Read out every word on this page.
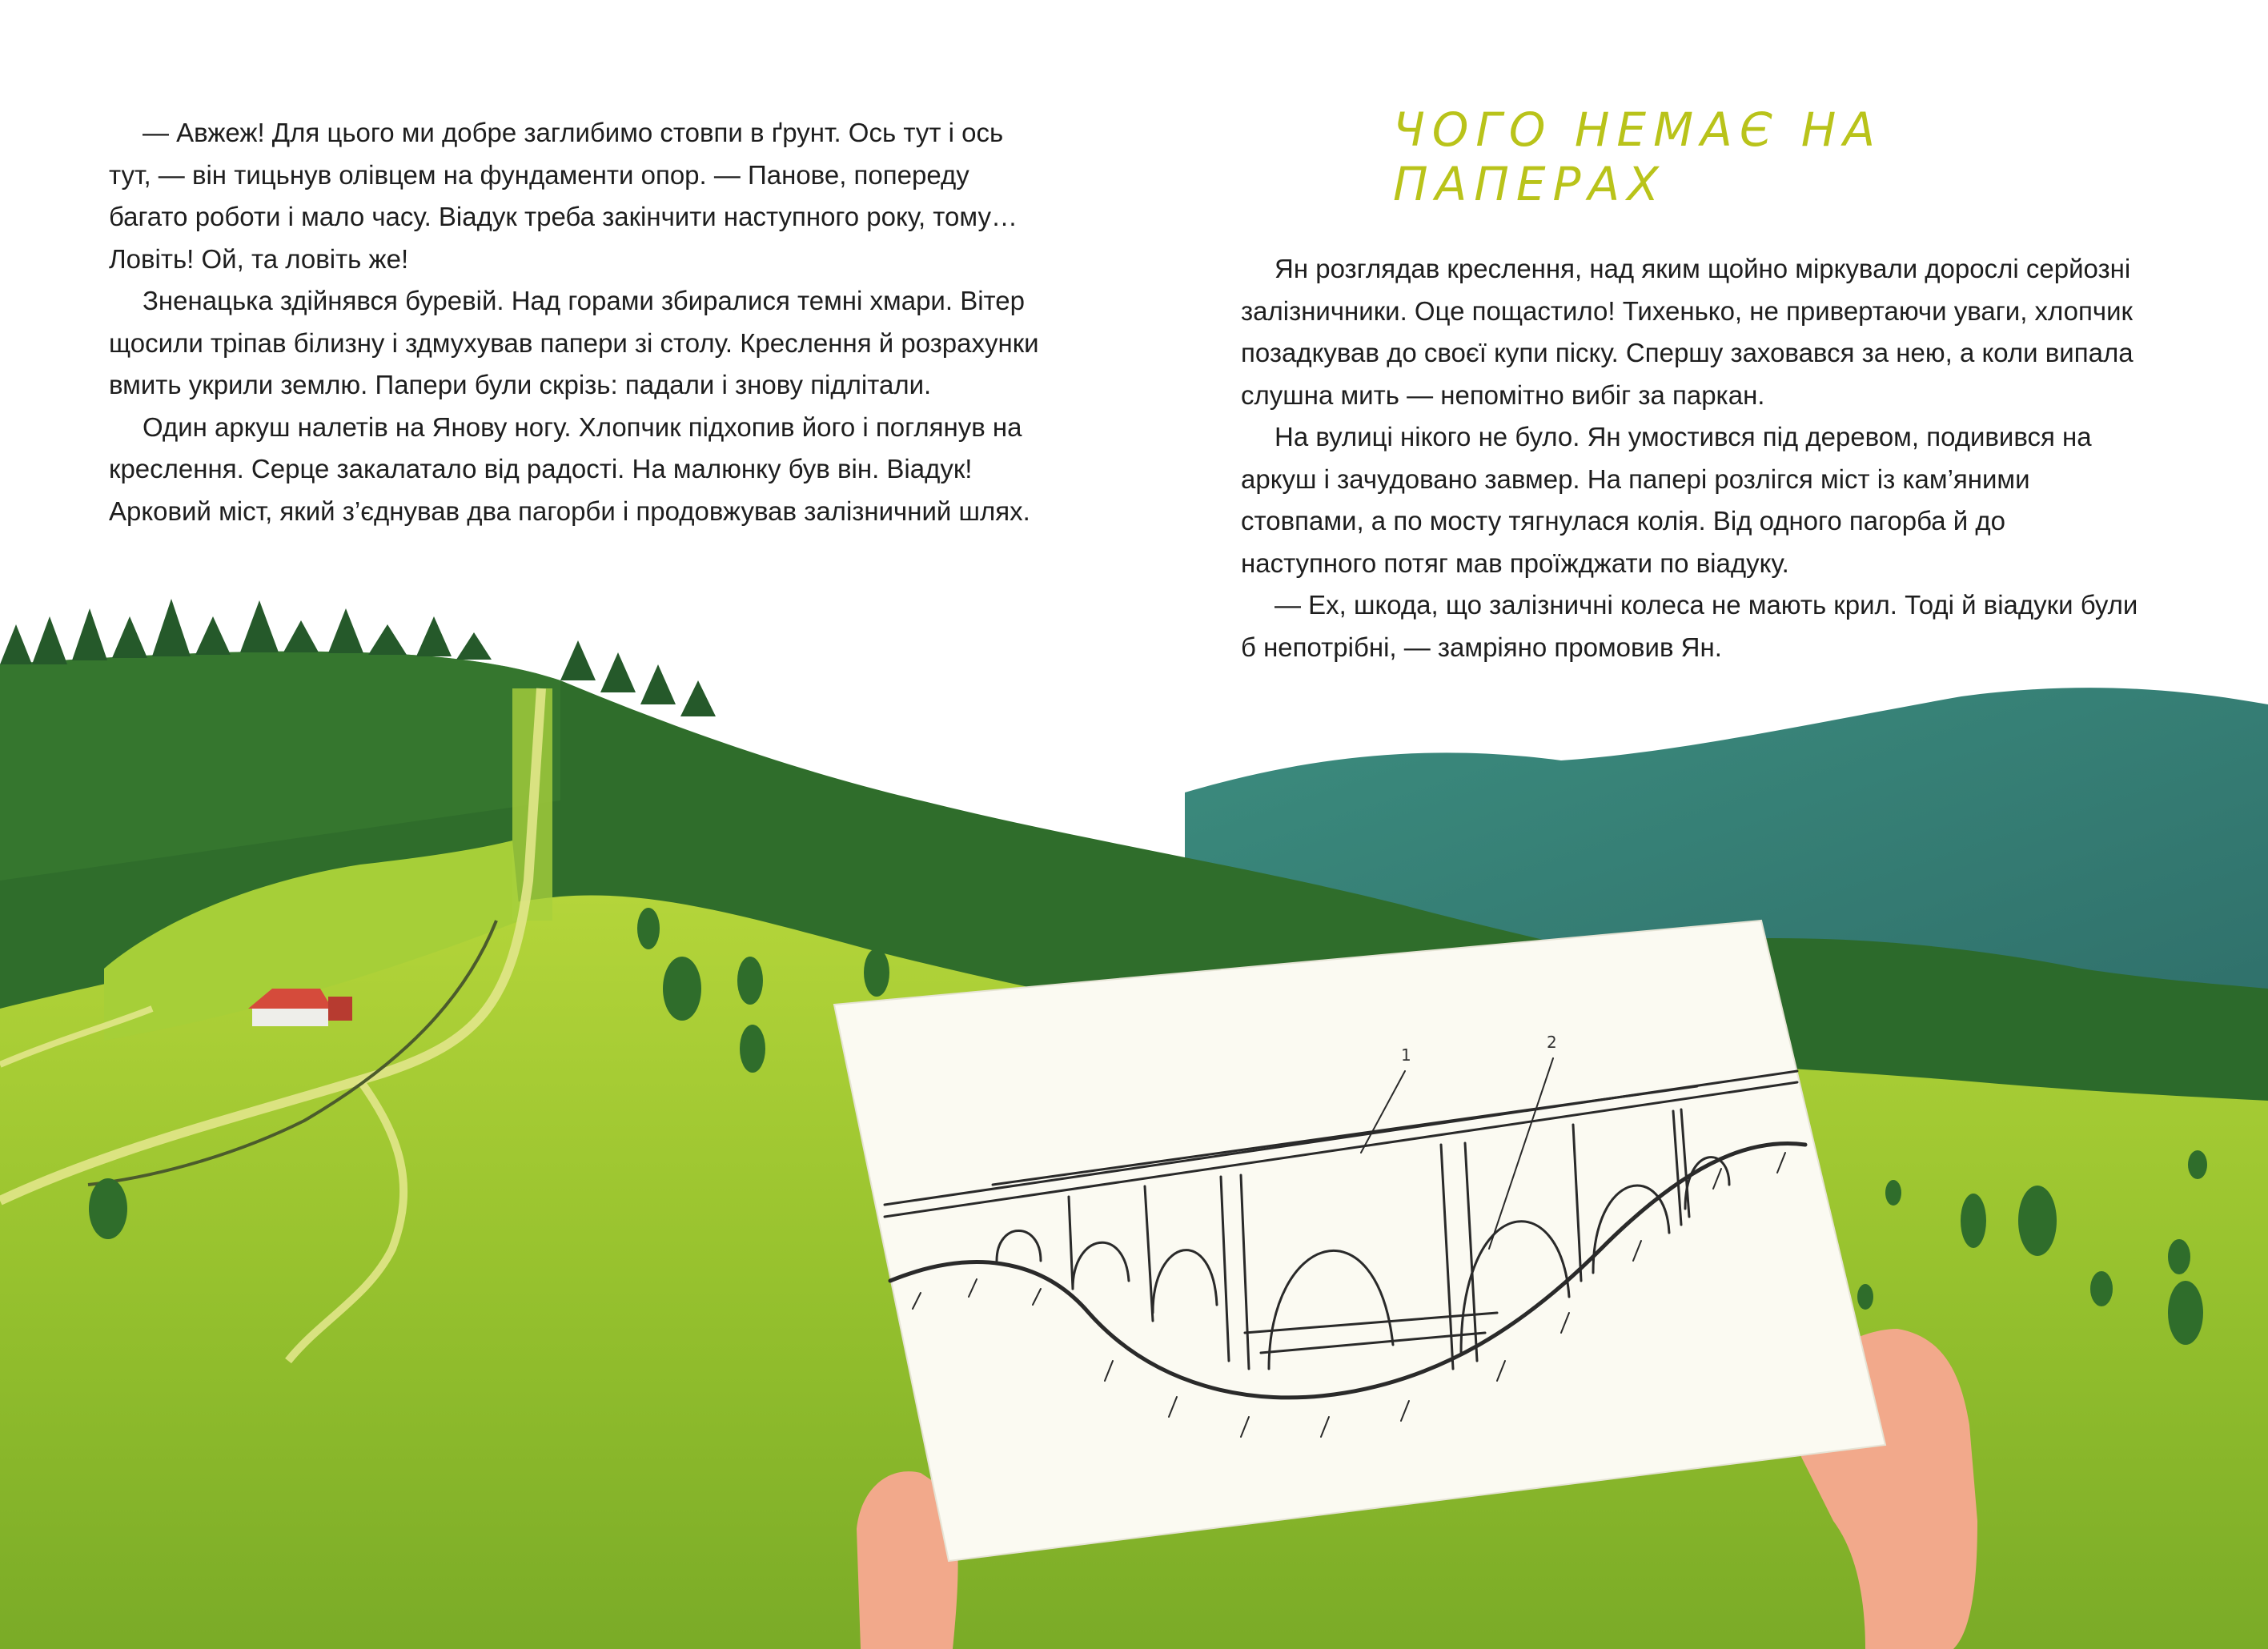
1
2

— Авжеж! Для цього ми добре заглибимо стовпи в ґрунт. Ось тут і ось тут, — він тицьнув олівцем на фундаменти опор. — Панове, попереду багато роботи і мало часу. Віадук треба закінчити наступного року, тому… Ловіть! Ой, та ловіть же!

Зненацька здійнявся буревій. Над горами збиралися темні хмари. Вітер щосили тріпав білизну і здмухував папери зі столу. Креслення й розрахунки вмить укрили землю. Папери були скрізь: падали і знову підлітали.

Один аркуш налетів на Янову ногу. Хлопчик підхопив його і поглянув на креслення. Серце закалатало від радості. На малюнку був він. Віадук! Арковий міст, який з’єднував два пагорби і продовжував залізничний шлях.

ЧОГО НЕМАЄ НА ПАПЕРАХ

Ян розглядав креслення, над яким щойно міркували дорослі серйозні залізничники. Оце пощастило! Тихенько, не привертаючи уваги, хлопчик позадкував до своєї купи піску. Спершу заховався за нею, а коли випала слушна мить — непомітно вибіг за паркан.

На вулиці нікого не було. Ян умостився під деревом, подивився на аркуш і зачудовано завмер. На папері розлігся міст із кам’яними стовпами, а по мосту тягнулася колія. Від одного пагорба й до наступного потяг мав проїжджати по віадуку.

— Ех, шкода, що залізничні колеса не мають крил. Тоді й віадуки були б непотрібні, — замріяно промовив Ян.
